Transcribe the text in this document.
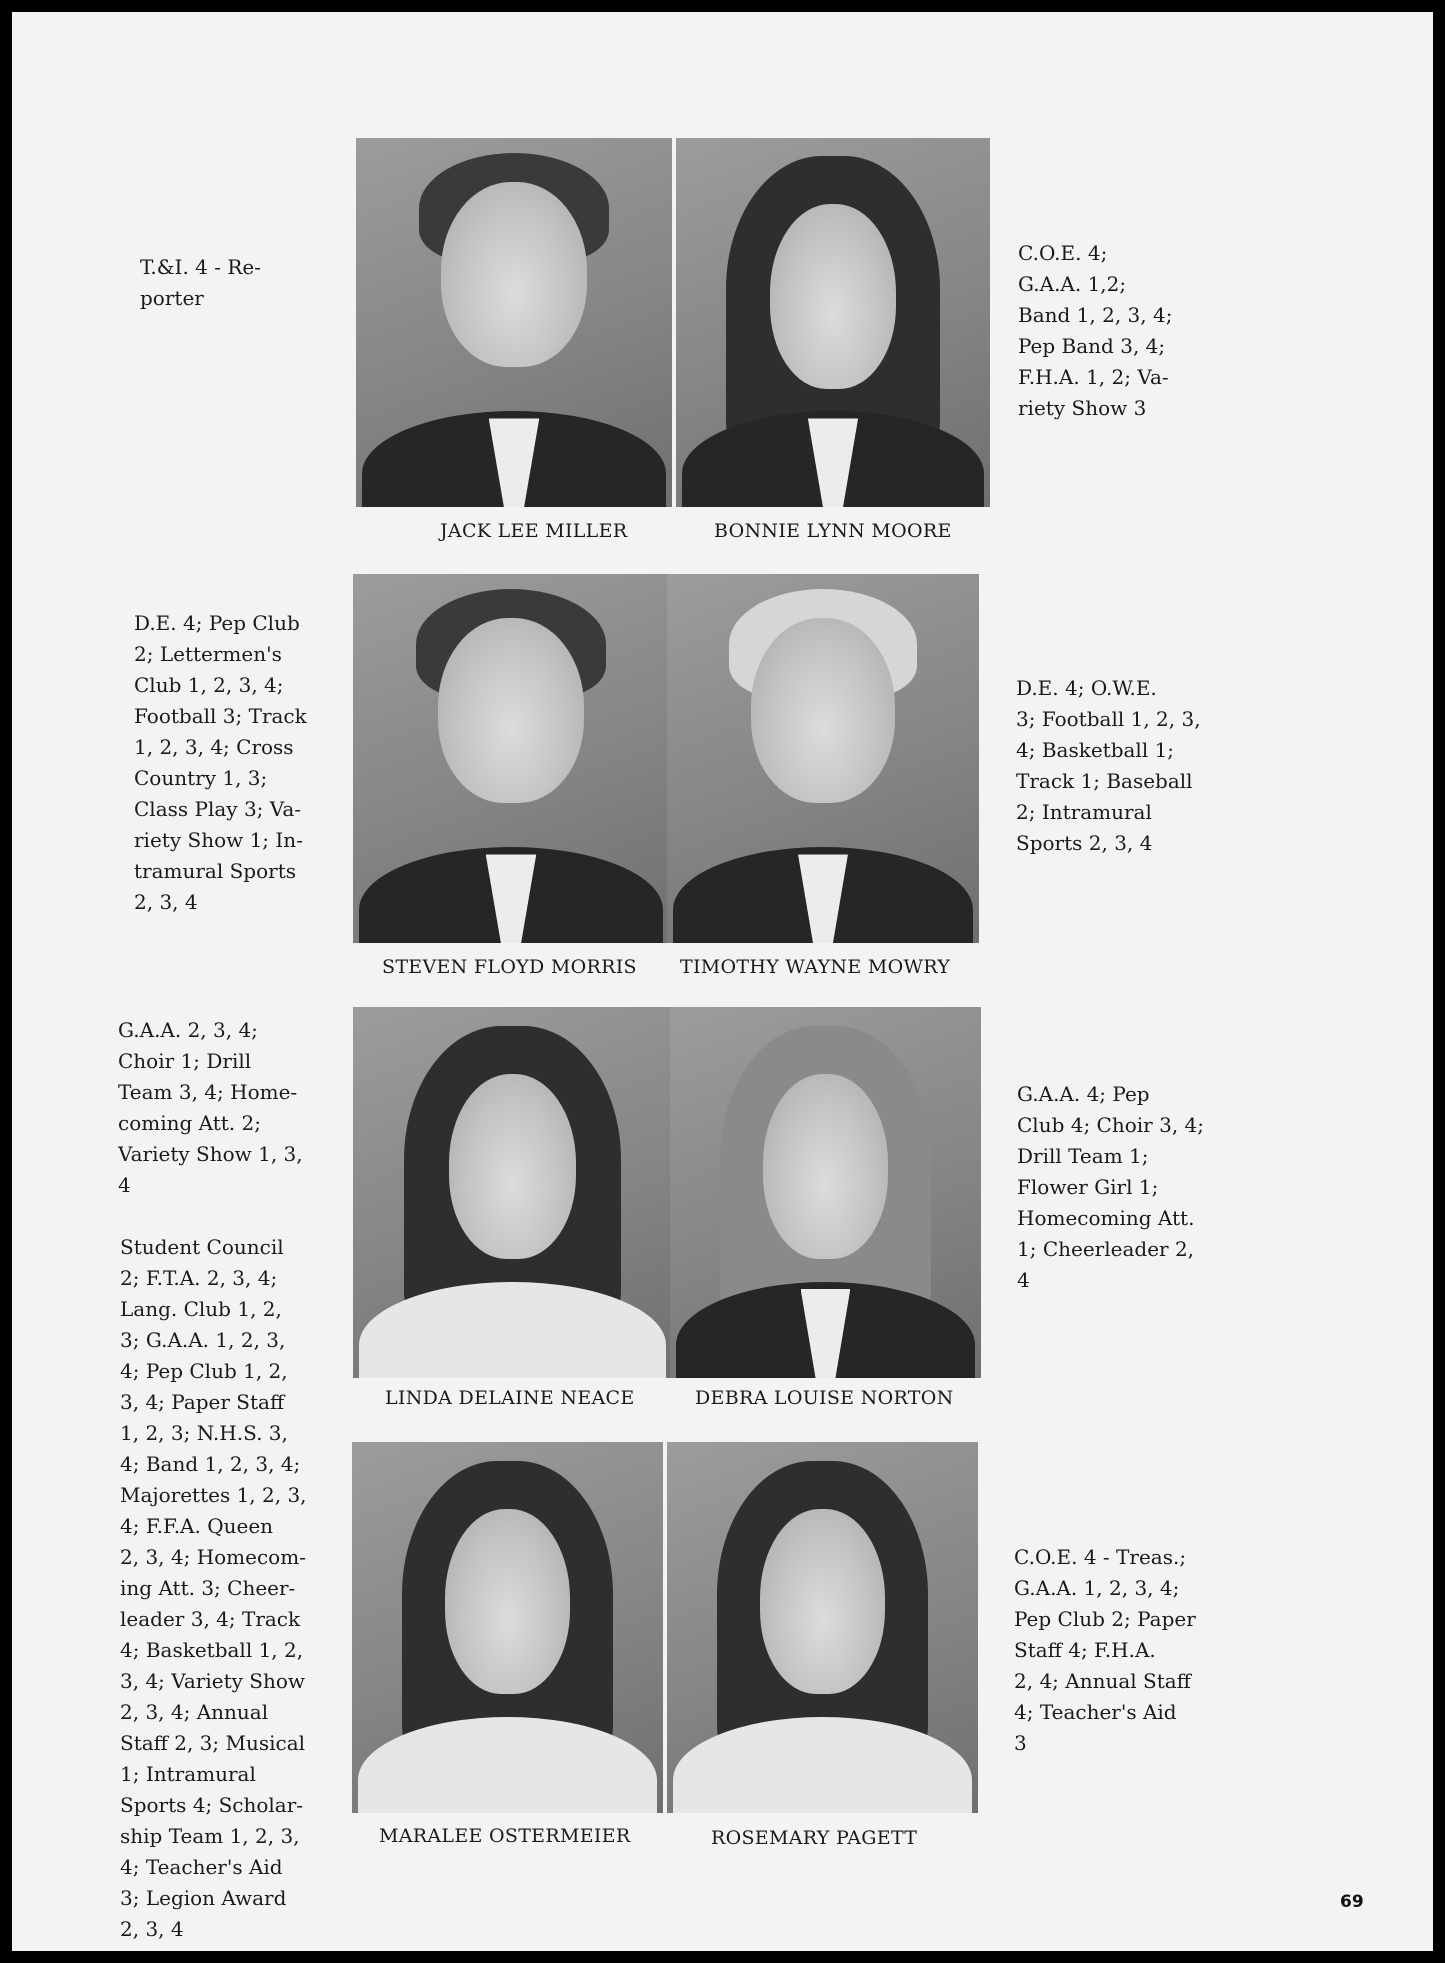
JACK LEE MILLER	BONNIE LYNN MOORE
T.&I. 4 - Re-
porter
C.O.E. 4;
G.A.A. 1,2;
Band 1, 2, 3, 4;
Pep Band 3, 4;
F.H.A. 1, 2; Va-
riety Show 3
STEVEN FLOYD MORRIS TIMOTHY WAYNE MOWRY
D.E. 4; Pep Club
2; Lettermen's
Club 1, 2, 3, 4;
Football 3; Track
1, 2, 3, 4; Cross
Country 1, 3;
Class Play 3; Va-
riety Show 1; In-
tramural Sports
2, 3, 4
D.E. 4; O.W.E.
3; Football 1, 2, 3,
4; Basketball 1;
Track 1; Baseball
2; Intramural
Sports 2, 3, 4
LINDA DELAINE NEACE	DEBRA LOUISE NORTON
G.A.A. 2, 3, 4;
Choir 1; Drill
Team 3, 4; Home-
coming Att. 2;
Variety Show 1, 3,
4
G.A.A. 4; Pep
Club 4; Choir 3, 4;
Drill Team 1;
Flower Girl 1;
Homecoming Att.
1; Cheerleader 2,
4
MARALEE OSTERMEIER	ROSEMARY PAGETT
Student Council
2; F.T.A. 2, 3, 4;
Lang. Club 1, 2,
3; G.A.A. 1, 2, 3,
4; Pep Club 1, 2,
3, 4; Paper Staff
1, 2, 3; N.H.S. 3,
4; Band 1, 2, 3, 4;
Majorettes 1, 2, 3,
4; F.F.A. Queen
2, 3, 4; Homecom-
ing Att. 3; Cheer-
leader 3, 4; Track
4; Basketball 1, 2,
3, 4; Variety Show
2, 3, 4; Annual
Staff 2, 3; Musical
1; Intramural
Sports 4; Scholar-
ship Team 1, 2, 3,
4; Teacher's Aid
3; Legion Award
2, 3, 4
C.O.E. 4 - Treas.;
G.A.A. 1, 2, 3, 4;
Pep Club 2; Paper
Staff 4; F.H.A.
2, 4; Annual Staff
4; Teacher's Aid
3
69
